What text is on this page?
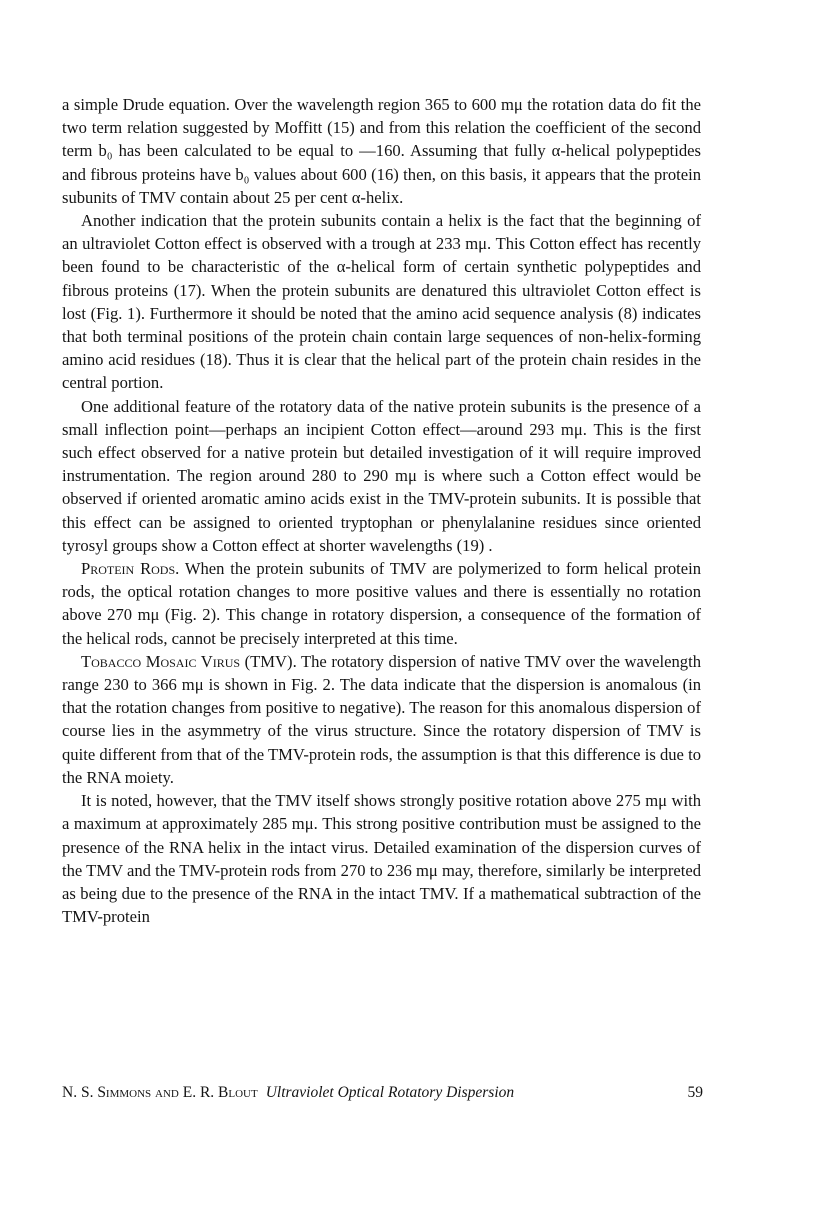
a simple Drude equation. Over the wavelength region 365 to 600 mμ the rotation data do fit the two term relation suggested by Moffitt (15) and from this relation the coefficient of the second term b₀ has been calculated to be equal to —160. Assuming that fully α-helical polypeptides and fibrous proteins have b₀ values about 600 (16) then, on this basis, it appears that the protein subunits of TMV contain about 25 per cent α-helix.

Another indication that the protein subunits contain a helix is the fact that the beginning of an ultraviolet Cotton effect is observed with a trough at 233 mμ. This Cotton effect has recently been found to be characteristic of the α-helical form of certain synthetic polypeptides and fibrous proteins (17). When the protein subunits are denatured this ultraviolet Cotton effect is lost (Fig. 1). Furthermore it should be noted that the amino acid sequence analysis (8) indicates that both terminal positions of the protein chain contain large sequences of non-helix-forming amino acid residues (18). Thus it is clear that the helical part of the protein chain resides in the central portion.

One additional feature of the rotatory data of the native protein subunits is the presence of a small inflection point—perhaps an incipient Cotton effect—around 293 mμ. This is the first such effect observed for a native protein but detailed investigation of it will require improved instrumentation. The region around 280 to 290 mμ is where such a Cotton effect would be observed if oriented aromatic amino acids exist in the TMV-protein subunits. It is possible that this effect can be assigned to oriented tryptophan or phenylalanine residues since oriented tyrosyl groups show a Cotton effect at shorter wavelengths (19) .

Protein Rods. When the protein subunits of TMV are polymerized to form helical protein rods, the optical rotation changes to more positive values and there is essentially no rotation above 270 mμ (Fig. 2). This change in rotatory dispersion, a consequence of the formation of the helical rods, cannot be precisely interpreted at this time.

Tobacco Mosaic Virus (TMV). The rotatory dispersion of native TMV over the wavelength range 230 to 366 mμ is shown in Fig. 2. The data indicate that the dispersion is anomalous (in that the rotation changes from positive to negative). The reason for this anomalous dispersion of course lies in the asymmetry of the virus structure. Since the rotatory dispersion of TMV is quite different from that of the TMV-protein rods, the assumption is that this difference is due to the RNA moiety.

It is noted, however, that the TMV itself shows strongly positive rotation above 275 mμ with a maximum at approximately 285 mμ. This strong positive contribution must be assigned to the presence of the RNA helix in the intact virus. Detailed examination of the dispersion curves of the TMV and the TMV-protein rods from 270 to 236 mμ may, therefore, similarly be interpreted as being due to the presence of the RNA in the intact TMV. If a mathematical subtraction of the TMV-protein

N. S. Simmons and E. R. Blout Ultraviolet Optical Rotatory Dispersion	59
